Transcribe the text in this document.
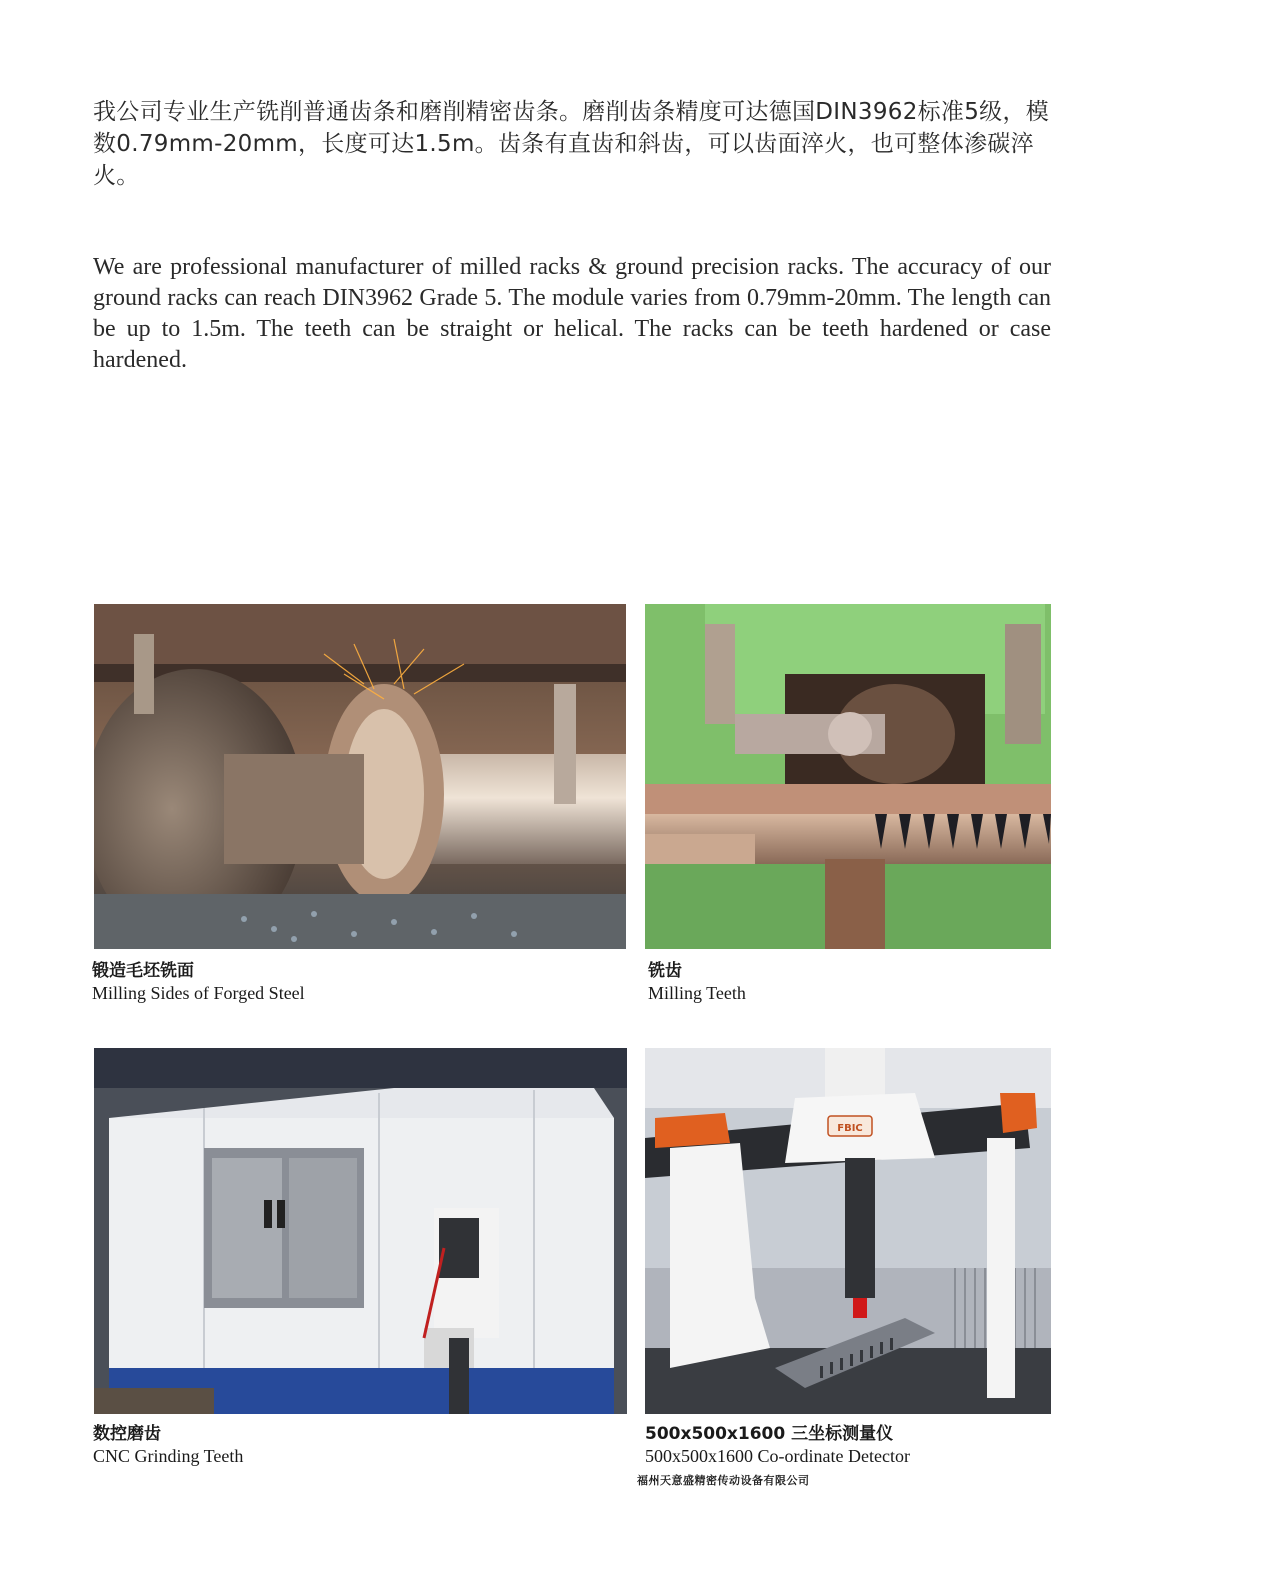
我公司专业生产铣削普通齿条和磨削精密齿条。磨削齿条精度可达德国DIN3962标准5级，模数0.79mm-20mm，长度可达1.5m。齿条有直齿和斜齿，可以齿面淬火，也可整体渗碳淬火。

We are professional manufacturer of milled racks & ground precision racks. The accuracy of our ground racks can reach DIN3962 Grade 5. The module varies from 0.79mm-20mm. The length can be up to 1.5m. The teeth can be straight or helical. The racks can be teeth hardened or case hardened.

锻造毛坯铣面
Milling Sides of Forged Steel
铣齿
Milling Teeth
数控磨齿
CNC Grinding Teeth
FBIC
500x500x1600 三坐标测量仪
500x500x1600 Co-ordinate Detector

福州天意盛精密传动设备有限公司
